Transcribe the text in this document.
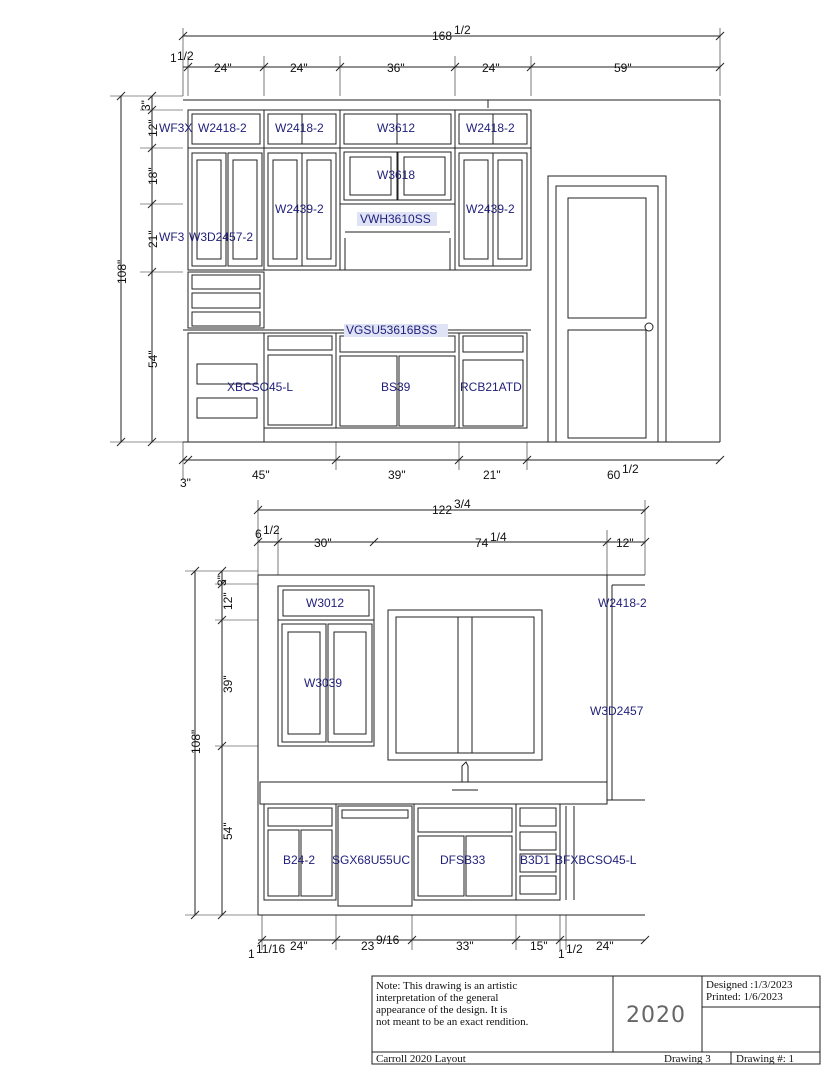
168 1/2
1 1/2
24"	24"	36"	24"	59"
108"
3"
12"
18"
21"
54"
3"
45"	39"	21"	60 1/2
WF3X W2418-2 W2418-2	W3612	W2418-2
W3618
W2439-2	W2439-2
VWH3610SS
WF3 W3D2457-2
VGSU53616BSS
XBCSO45-L	BS39	RCB21ATD
122 3/4
6 1/2
30"	74 1/4	12"
108"
3"
12"
39"
54"
1 11/16 24"	23 9/16	33"	15"
1 1/2 24"
W3012	W2418-2
W3039
W3D2457
B24-2 SGX68U55UC DFSB33	B3D1 BFXBCSO45-L
Note: This drawing is an artistic
interpretation of the general
appearance of the design. It is
not meant to be an exact rendition.	2020
Designed :1/3/2023
Printed: 1/6/2023
Carroll 2020 Layout	Drawing 3 Drawing #: 1
